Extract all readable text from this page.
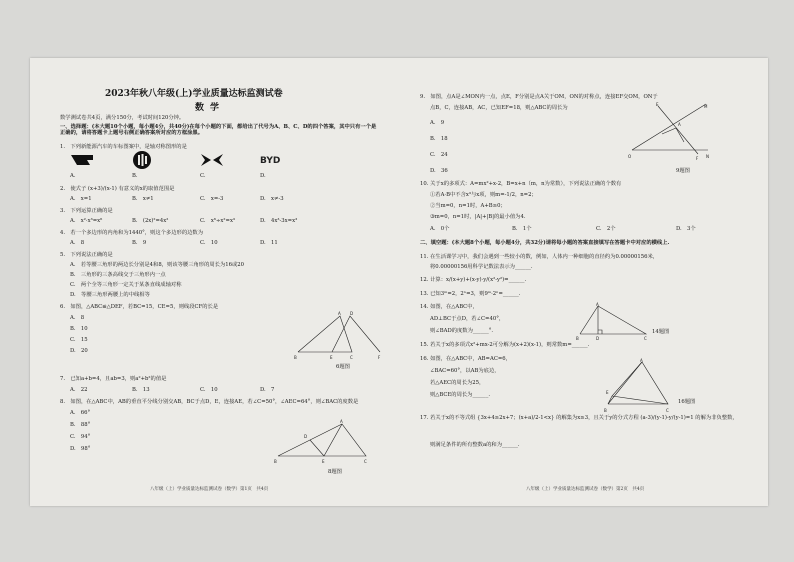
2023年秋八年级(上)学业质量达标监测试卷
数学
数学测试卷共4页，满分150分，考试时间120分钟。
一、选择题：(本大题10个小题，每小题4分，共40分)在每个小题的下面，都给出了代号为A、B、C、D的四个答案，其中只有一个是正确的，请将答题卡上题号右侧正确答案所对应的方框涂黑。
1.　下列新能源汽车的车标图案中，是轴对称图形的是
BYD
A.	B.	C.	D.
2.　使式子 (x+3)/(x-1) 有意义的x的取值范围是
A.　x=1	B.　x≠1	C.　x=-3	D.　x≠-3
3.　下列运算正确的是
A.　x²·x³=x⁶	B.　(2x)²=4x²	C.　x⁶÷x²=x³	D.　4x³-3x=x³
4.　若一个多边形的内角和为1440°，则这个多边形的边数为
A.　8	B.　9	C.　10	D.　11
5.　下列说法正确的是
A.　若等腰三角形的两边长分别是4和8，则该等腰三角形的周长为16或20
B.　三角形的三条高线交于三角形内一点
C.　两个全等三角形一定关于某条直线成轴对称
D.　等腰三角形两腰上的中线相等
6.　如图，△ABC≌△DEF，若BC=15，CE=5，则线段CF的长是
A.　8
B.　10
C.　15
D.　20
B	E	C	F
A D
6题图
7.　已知a+b=4，且ab=3，则a²+b²的值是
A.　22	B.　13	C.　10	D.　7
8.　如图，在△ABC中，AB的垂直平分线分别交AB，BC于点D，E，连接AE，若∠C=50°，∠AEC=64°，则∠BAC的度数是
A.　66°
B.　88°
C.　94°
D.　98°
B	E	C
A
D
8题图
八年级（上）学业质量达标监测试卷（数学）第1页　共4页
9.　如图，点A是∠MON内一点，点E，F分别是点A关于OM，ON的对称点，连接EF交OM，ON于
点B，C，连接AB，AC，已知EF=18，则△ABC的周长为
A.　9
B.　18
C.　24
D.　36
O
M
N
E
F
A
9题图
10. 关于x的多项式：A=mx²+x-2，B=x+n（m，n为常数），下列说法正确的个数有
①若A·B中不含x³与x项，则m=-1/2，n=2；
②当m=0，n=1时，A+B≥0；
③m=0，n=1时，|A|+|B|的最小值为4.
A.　0个	B.　1个	C.　2个	D.　3个
二、填空题：(本大题8个小题，每小题4分，共32分)请将每小题的答案直接填写在答题卡中对应的横线上.
11. 在生活课学习中，我们会遇到一些较小的数，例如，人体内一种细胞的直径约为0.00000156米，
将0.00000156用科学记数法表示为______.
12. 计算：x/(x+y)+(x-y)·y/(x²-y²)=______.
13. 已知3ᵐ=2，2ⁿ=3，则9ᵐ·2ⁿ=______.
14. 如图，在△ABC中，
AD⊥BC于点D，若∠C=40°，
则∠BAD的度数为______°.
B	D	C
A
14题图
15. 若关于x的多项式x²+mx-2可分解为(x+2)(x-1)，则常数m=______.
16. 如图，在△ABC中，AB=AC=6，
∠BAC=60°，以AB为底边，
若△AEC的周长为25，
则△BCE的周长为______.
A
B	C
E
16题图
17. 若关于x的不等式组 {3x+4≥2x+7；(x+a)/2-1<x} 的解集为x≥3，且关于y的分式方程 (a-3)/(y-1)-y/(y-1)=1 的解为非负整数，
则满足条件的所有整数a的和为______.
八年级（上）学业质量达标监测试卷（数学）第2页　共4页
